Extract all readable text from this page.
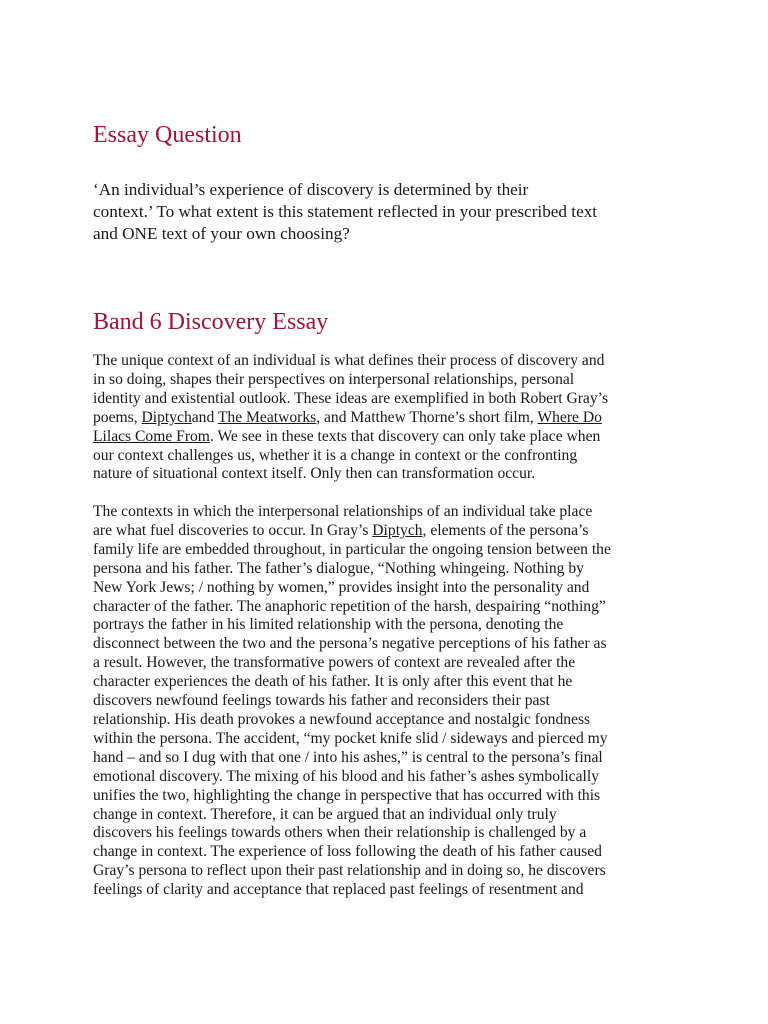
Essay Question

‘An individual’s experience of discovery is determined by their
context.’ To what extent is this statement reflected in your prescribed text
and ONE text of your own choosing?

Band 6 Discovery Essay

The unique context of an individual is what defines their process of discovery and
in so doing, shapes their perspectives on interpersonal relationships, personal
identity and existential outlook. These ideas are exemplified in both Robert Gray’s
poems, Diptychand The Meatworks, and Matthew Thorne’s short film, Where Do
Lilacs Come From. We see in these texts that discovery can only take place when
our context challenges us, whether it is a change in context or the confronting
nature of situational context itself. Only then can transformation occur.

The contexts in which the interpersonal relationships of an individual take place
are what fuel discoveries to occur. In Gray’s Diptych, elements of the persona’s
family life are embedded throughout, in particular the ongoing tension between the
persona and his father. The father’s dialogue, “Nothing whingeing. Nothing by
New York Jews; / nothing by women,” provides insight into the personality and
character of the father. The anaphoric repetition of the harsh, despairing “nothing”
portrays the father in his limited relationship with the persona, denoting the
disconnect between the two and the persona’s negative perceptions of his father as
a result. However, the transformative powers of context are revealed after the
character experiences the death of his father. It is only after this event that he
discovers newfound feelings towards his father and reconsiders their past
relationship. His death provokes a newfound acceptance and nostalgic fondness
within the persona. The accident, “my pocket knife slid / sideways and pierced my
hand – and so I dug with that one / into his ashes,” is central to the persona’s final
emotional discovery. The mixing of his blood and his father’s ashes symbolically
unifies the two, highlighting the change in perspective that has occurred with this
change in context. Therefore, it can be argued that an individual only truly
discovers his feelings towards others when their relationship is challenged by a
change in context. The experience of loss following the death of his father caused
Gray’s persona to reflect upon their past relationship and in doing so, he discovers
feelings of clarity and acceptance that replaced past feelings of resentment and
